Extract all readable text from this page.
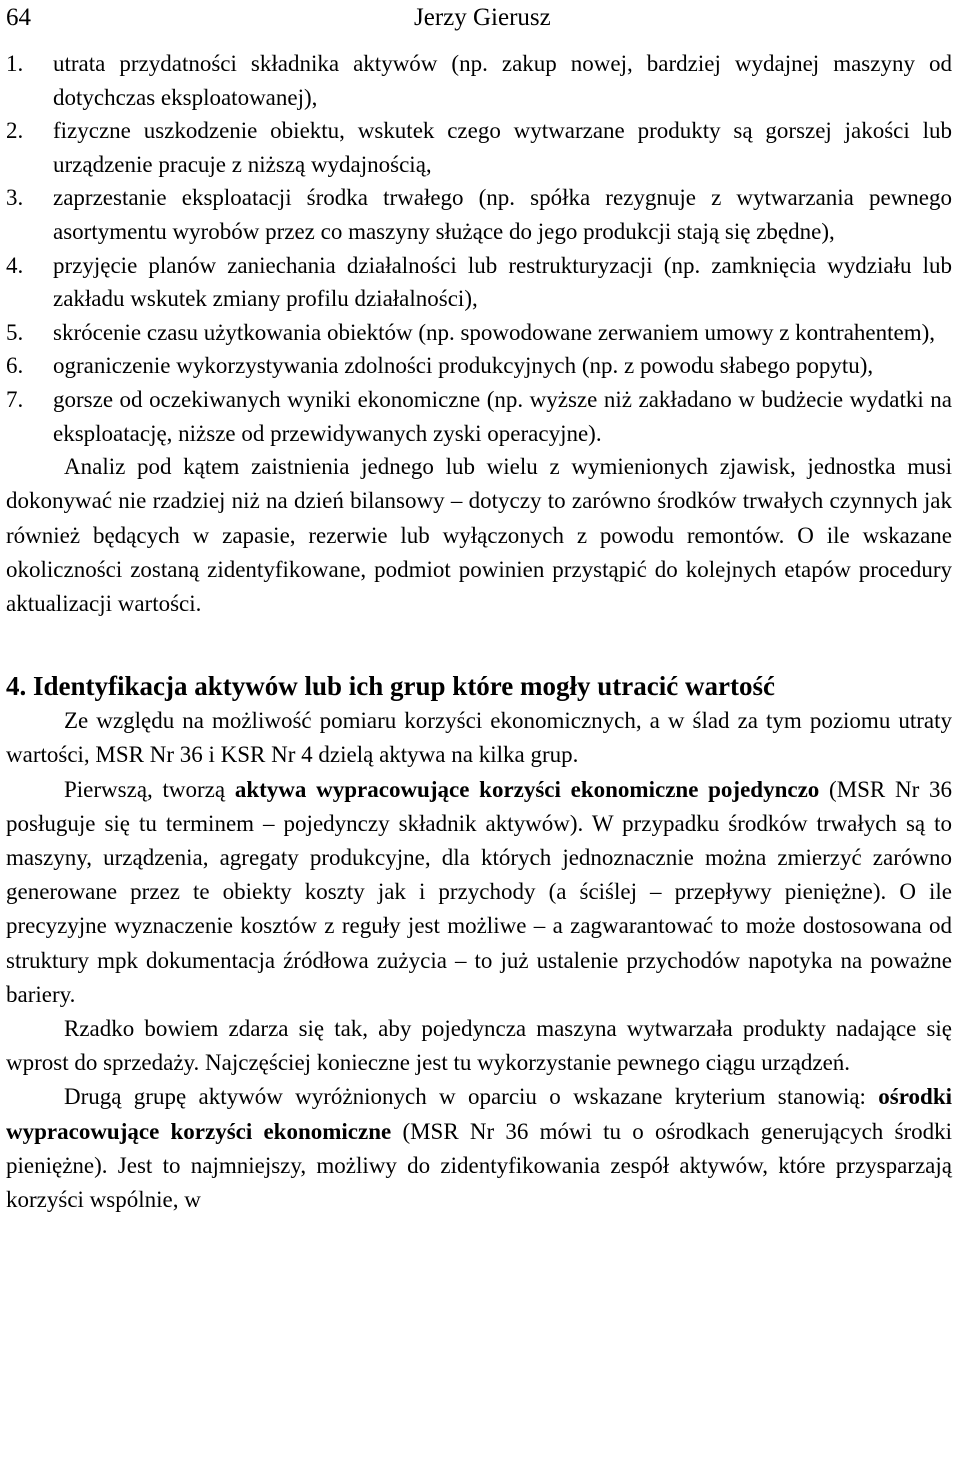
64	Jerzy Gierusz
1. utrata przydatności składnika aktywów (np. zakup nowej, bardziej wydajnej maszyny od dotychczas eksploatowanej),
2. fizyczne uszkodzenie obiektu, wskutek czego wytwarzane produkty są gorszej jakości lub urządzenie pracuje z niższą wydajnością,
3. zaprzestanie eksploatacji środka trwałego (np. spółka rezygnuje z wytwarzania pewnego asortymentu wyrobów przez co maszyny służące do jego produkcji stają się zbędne),
4. przyjęcie planów zaniechania działalności lub restrukturyzacji (np. zamknięcia wydziału lub zakładu wskutek zmiany profilu działalności),
5. skrócenie czasu użytkowania obiektów (np. spowodowane zerwaniem umowy z kontrahentem),
6. ograniczenie wykorzystywania zdolności produkcyjnych (np. z powodu słabego popytu),
7. gorsze od oczekiwanych wyniki ekonomiczne (np. wyższe niż zakładano w budżecie wydatki na eksploatację, niższe od przewidywanych zyski operacyjne).

Analiz pod kątem zaistnienia jednego lub wielu z wymienionych zjawisk, jednostka musi dokonywać nie rzadziej niż na dzień bilansowy – dotyczy to zarówno środków trwałych czynnych jak również będących w zapasie, rezerwie lub wyłączonych z powodu remontów. O ile wskazane okoliczności zostaną zidentyfikowane, podmiot powinien przystąpić do kolejnych etapów procedury aktualizacji wartości.

4. Identyfikacja aktywów lub ich grup które mogły utracić wartość

Ze względu na możliwość pomiaru korzyści ekonomicznych, a w ślad za tym poziomu utraty wartości, MSR Nr 36 i KSR Nr 4 dzielą aktywa na kilka grup.

Pierwszą, tworzą aktywa wypracowujące korzyści ekonomiczne pojedynczo (MSR Nr 36 posługuje się tu terminem – pojedynczy składnik aktywów). W przypadku środków trwałych są to maszyny, urządzenia, agregaty produkcyjne, dla których jednoznacznie można zmierzyć zarówno generowane przez te obiekty koszty jak i przychody (a ściślej – przepływy pieniężne). O ile precyzyjne wyznaczenie kosztów z reguły jest możliwe – a zagwarantować to może dostosowana od struktury mpk dokumentacja źródłowa zużycia – to już ustalenie przychodów napotyka na poważne bariery.

Rzadko bowiem zdarza się tak, aby pojedyncza maszyna wytwarzała produkty nadające się wprost do sprzedaży. Najczęściej konieczne jest tu wykorzystanie pewnego ciągu urządzeń.

Drugą grupę aktywów wyróżnionych w oparciu o wskazane kryterium stanowią: ośrodki wypracowujące korzyści ekonomiczne (MSR Nr 36 mówi tu o ośrodkach generujących środki pieniężne). Jest to najmniejszy, możliwy do zidentyfikowania zespół aktywów, które przysparzają korzyści wspólnie, w
